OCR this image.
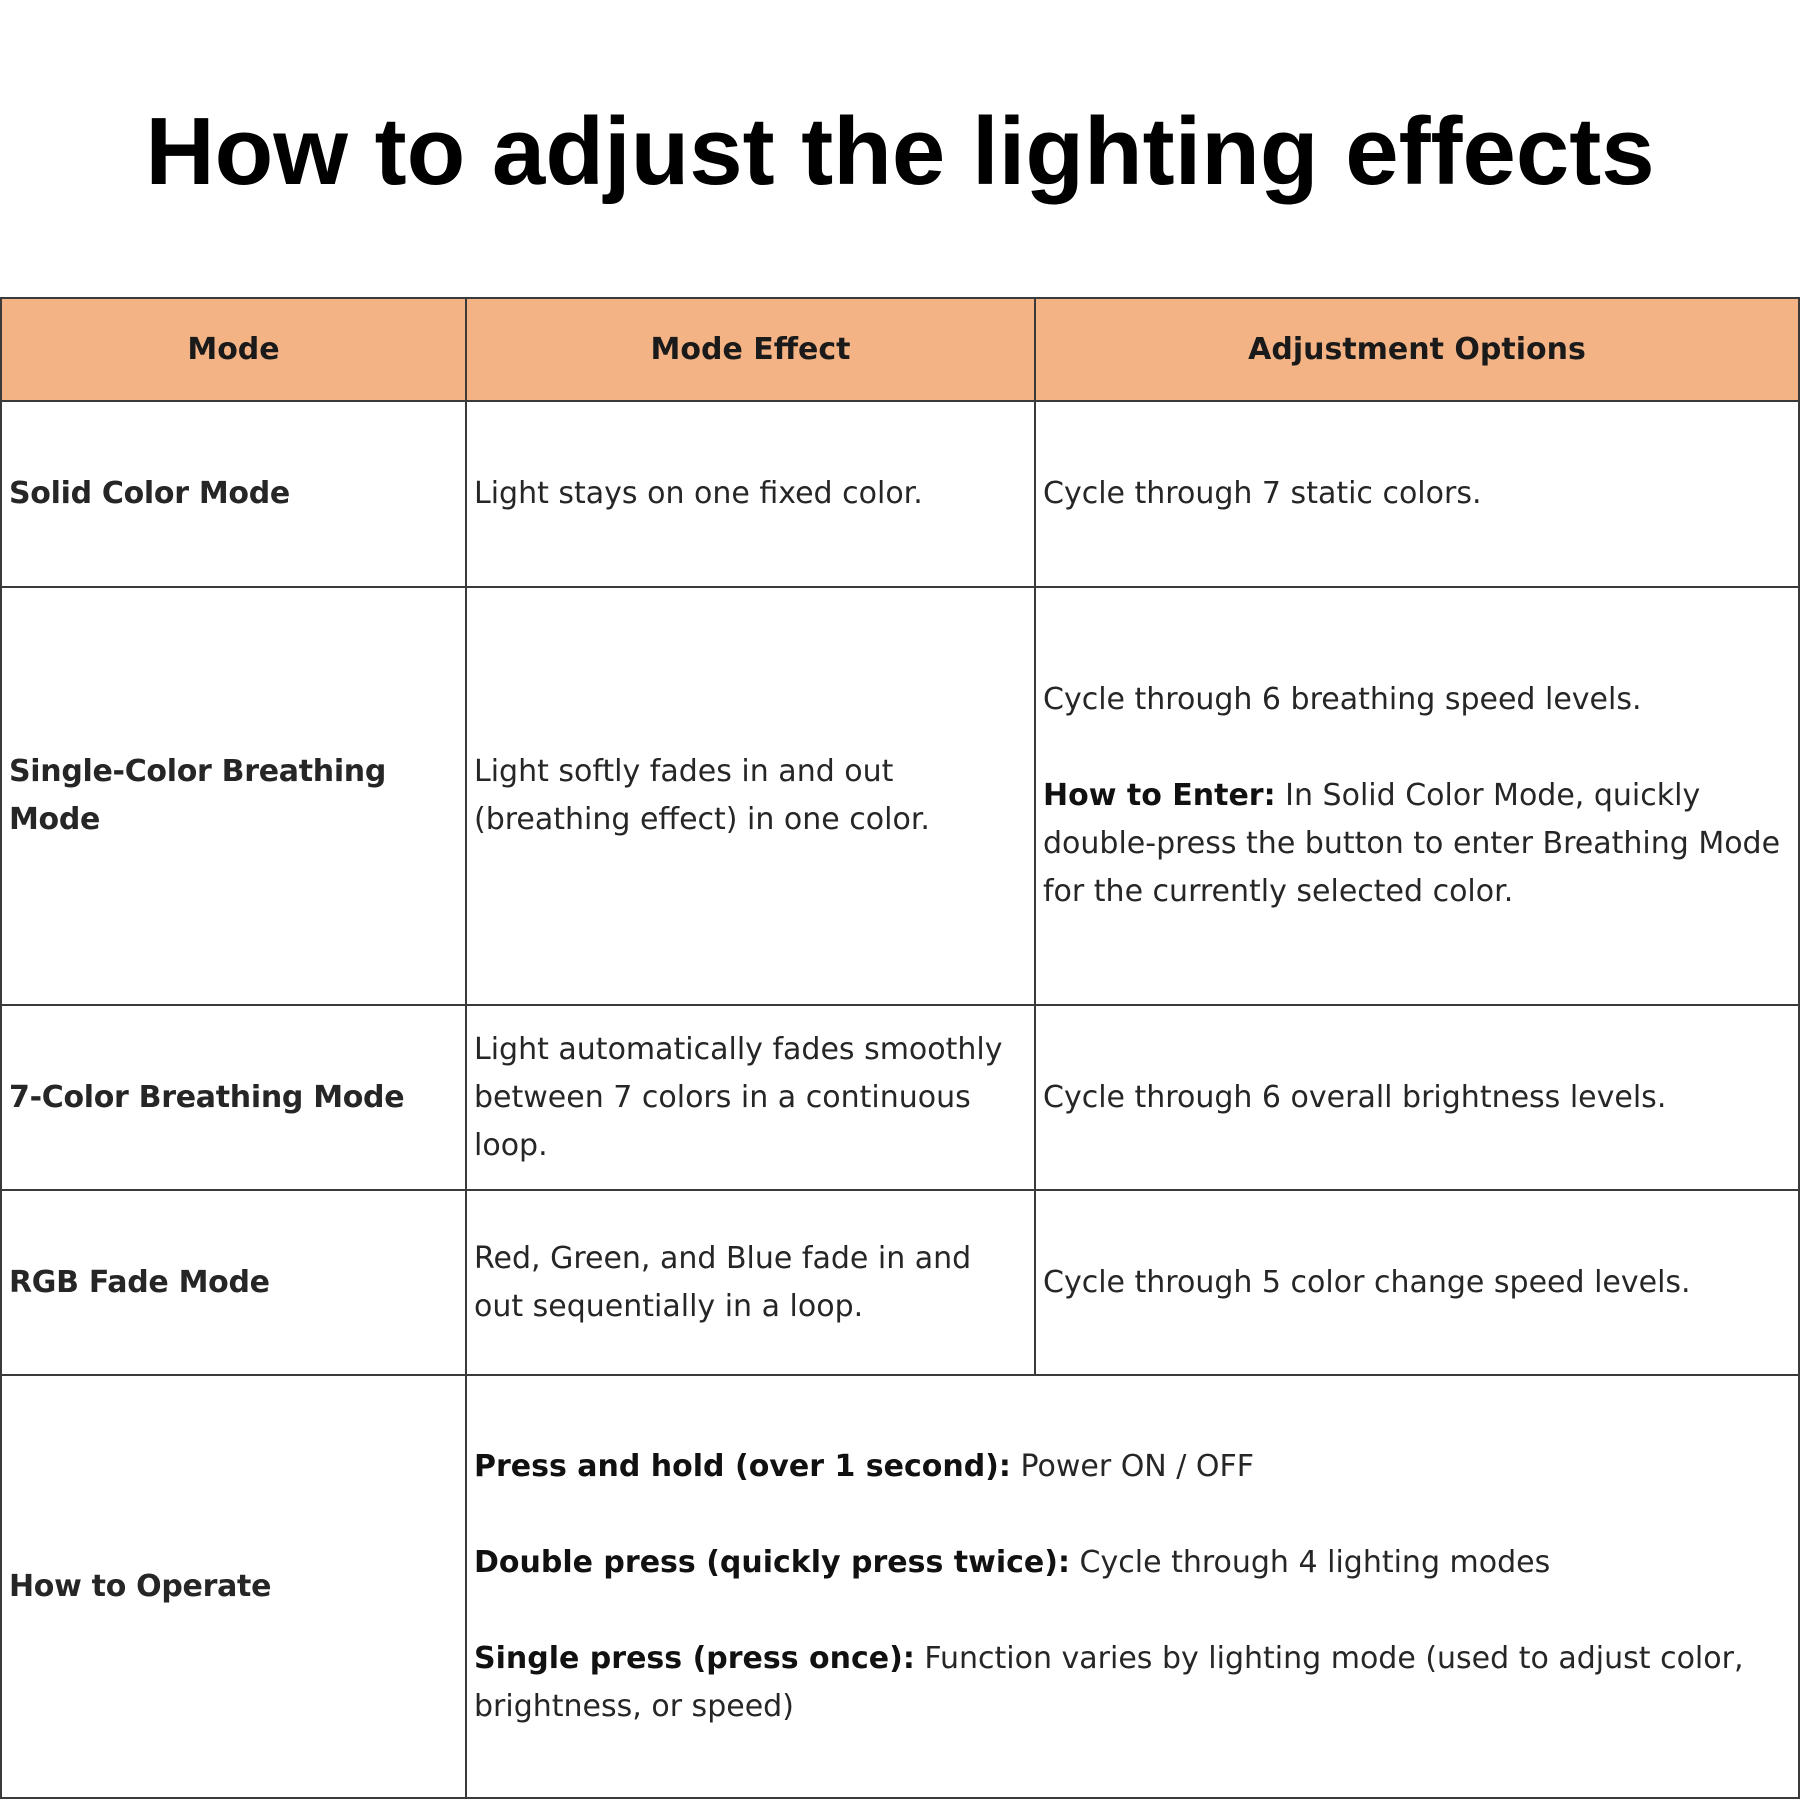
How to adjust the lighting effects
Mode	Mode Effect	Adjustment Options
Solid Color Mode	Light stays on one fixed color.	Cycle through 7 static colors.
Single-Color Breathing Mode	Light softly fades in and out (breathing effect) in one color.	Cycle through 6 breathing speed levels.

How to Enter: In Solid Color Mode, quickly double-press the button to enter Breathing Mode for the currently selected color.

7-Color Breathing Mode	Light automatically fades smoothly between 7 colors in a continuous loop.	Cycle through 6 overall brightness levels.
RGB Fade Mode	Red, Green, and Blue fade in and out sequentially in a loop.	Cycle through 5 color change speed levels.
How to Operate	Press and hold (over 1 second): Power ON / OFF

Double press (quickly press twice): Cycle through 4 lighting modes

Single press (press once): Function varies by lighting mode (used to adjust color, brightness, or speed)	
